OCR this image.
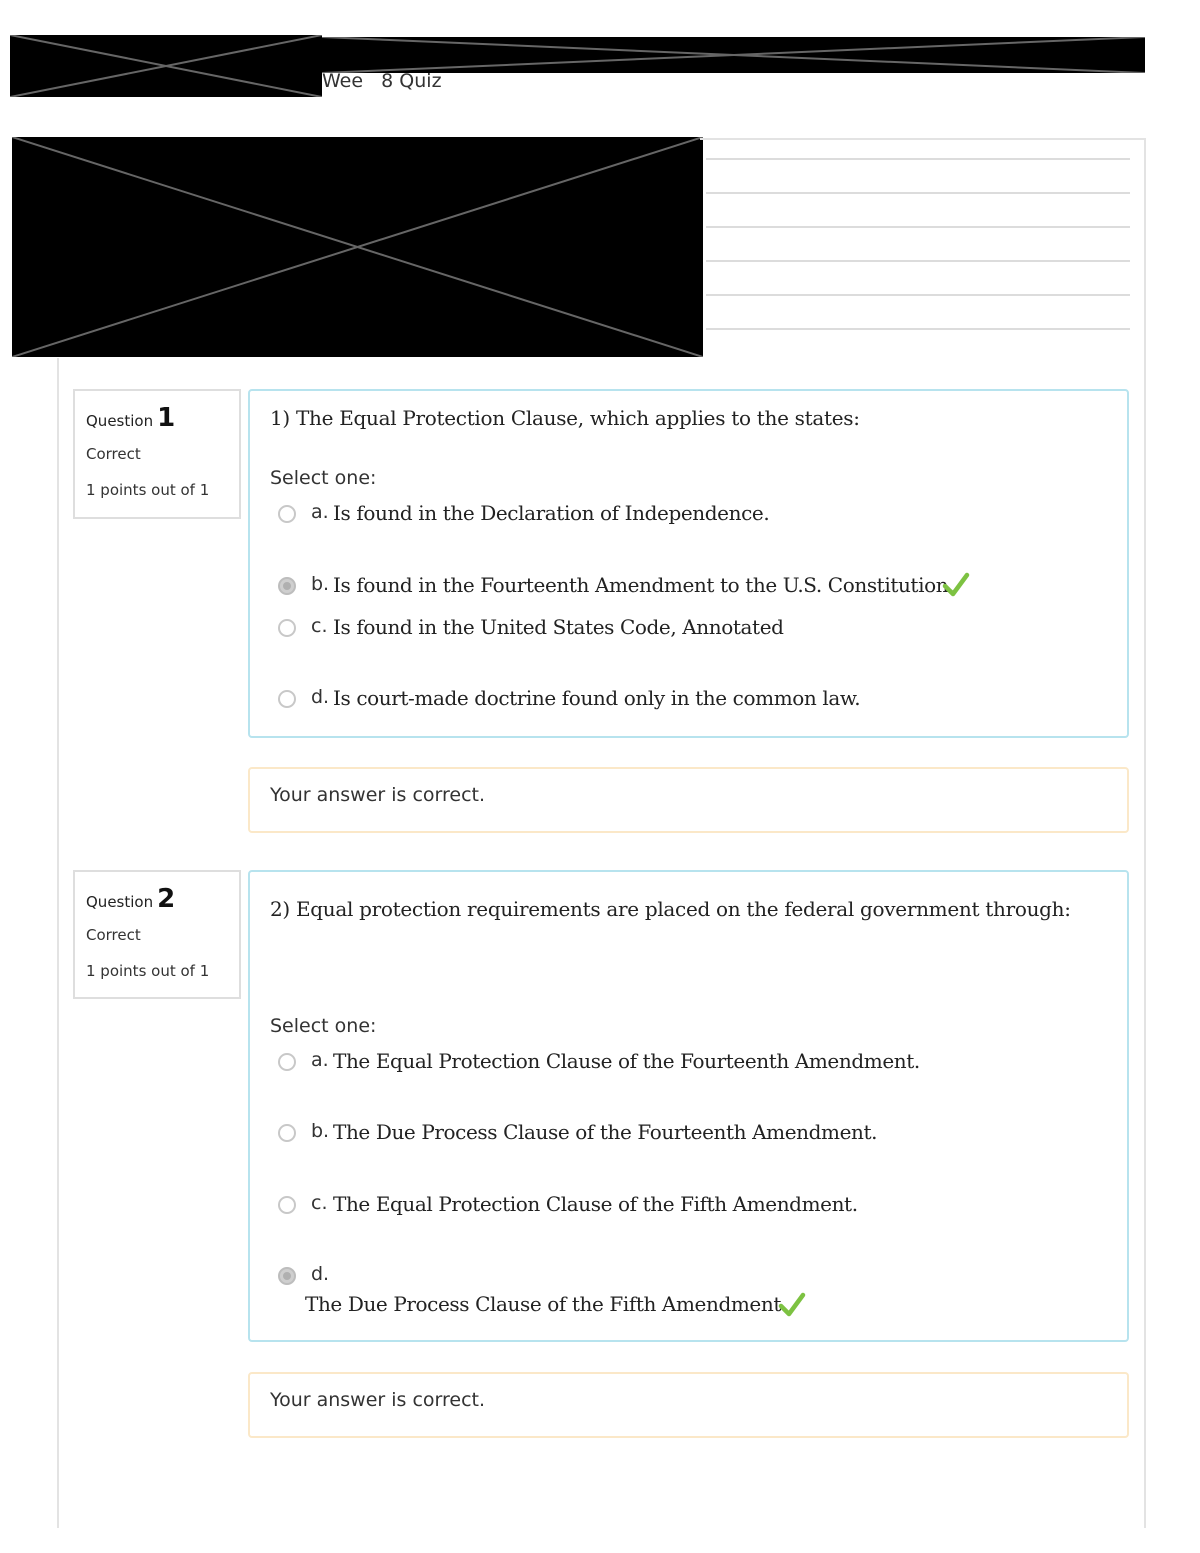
Wee   8 Quiz
Question 1
Correct
1 points out of 1
1) The Equal Protection Clause, which applies to the states:
Select one:
a. Is found in the Declaration of Independence.
b. Is found in the Fourteenth Amendment to the U.S. Constitution.
c. Is found in the United States Code, Annotated
d. Is court-made doctrine found only in the common law.
Your answer is correct.
Question 2
Correct
1 points out of 1
2) Equal protection requirements are placed on the federal government through:
Select one:
a. The Equal Protection Clause of the Fourteenth Amendment.
b. The Due Process Clause of the Fourteenth Amendment.
c. The Equal Protection Clause of the Fifth Amendment.
d.
The Due Process Clause of the Fifth Amendment.
Your answer is correct.
